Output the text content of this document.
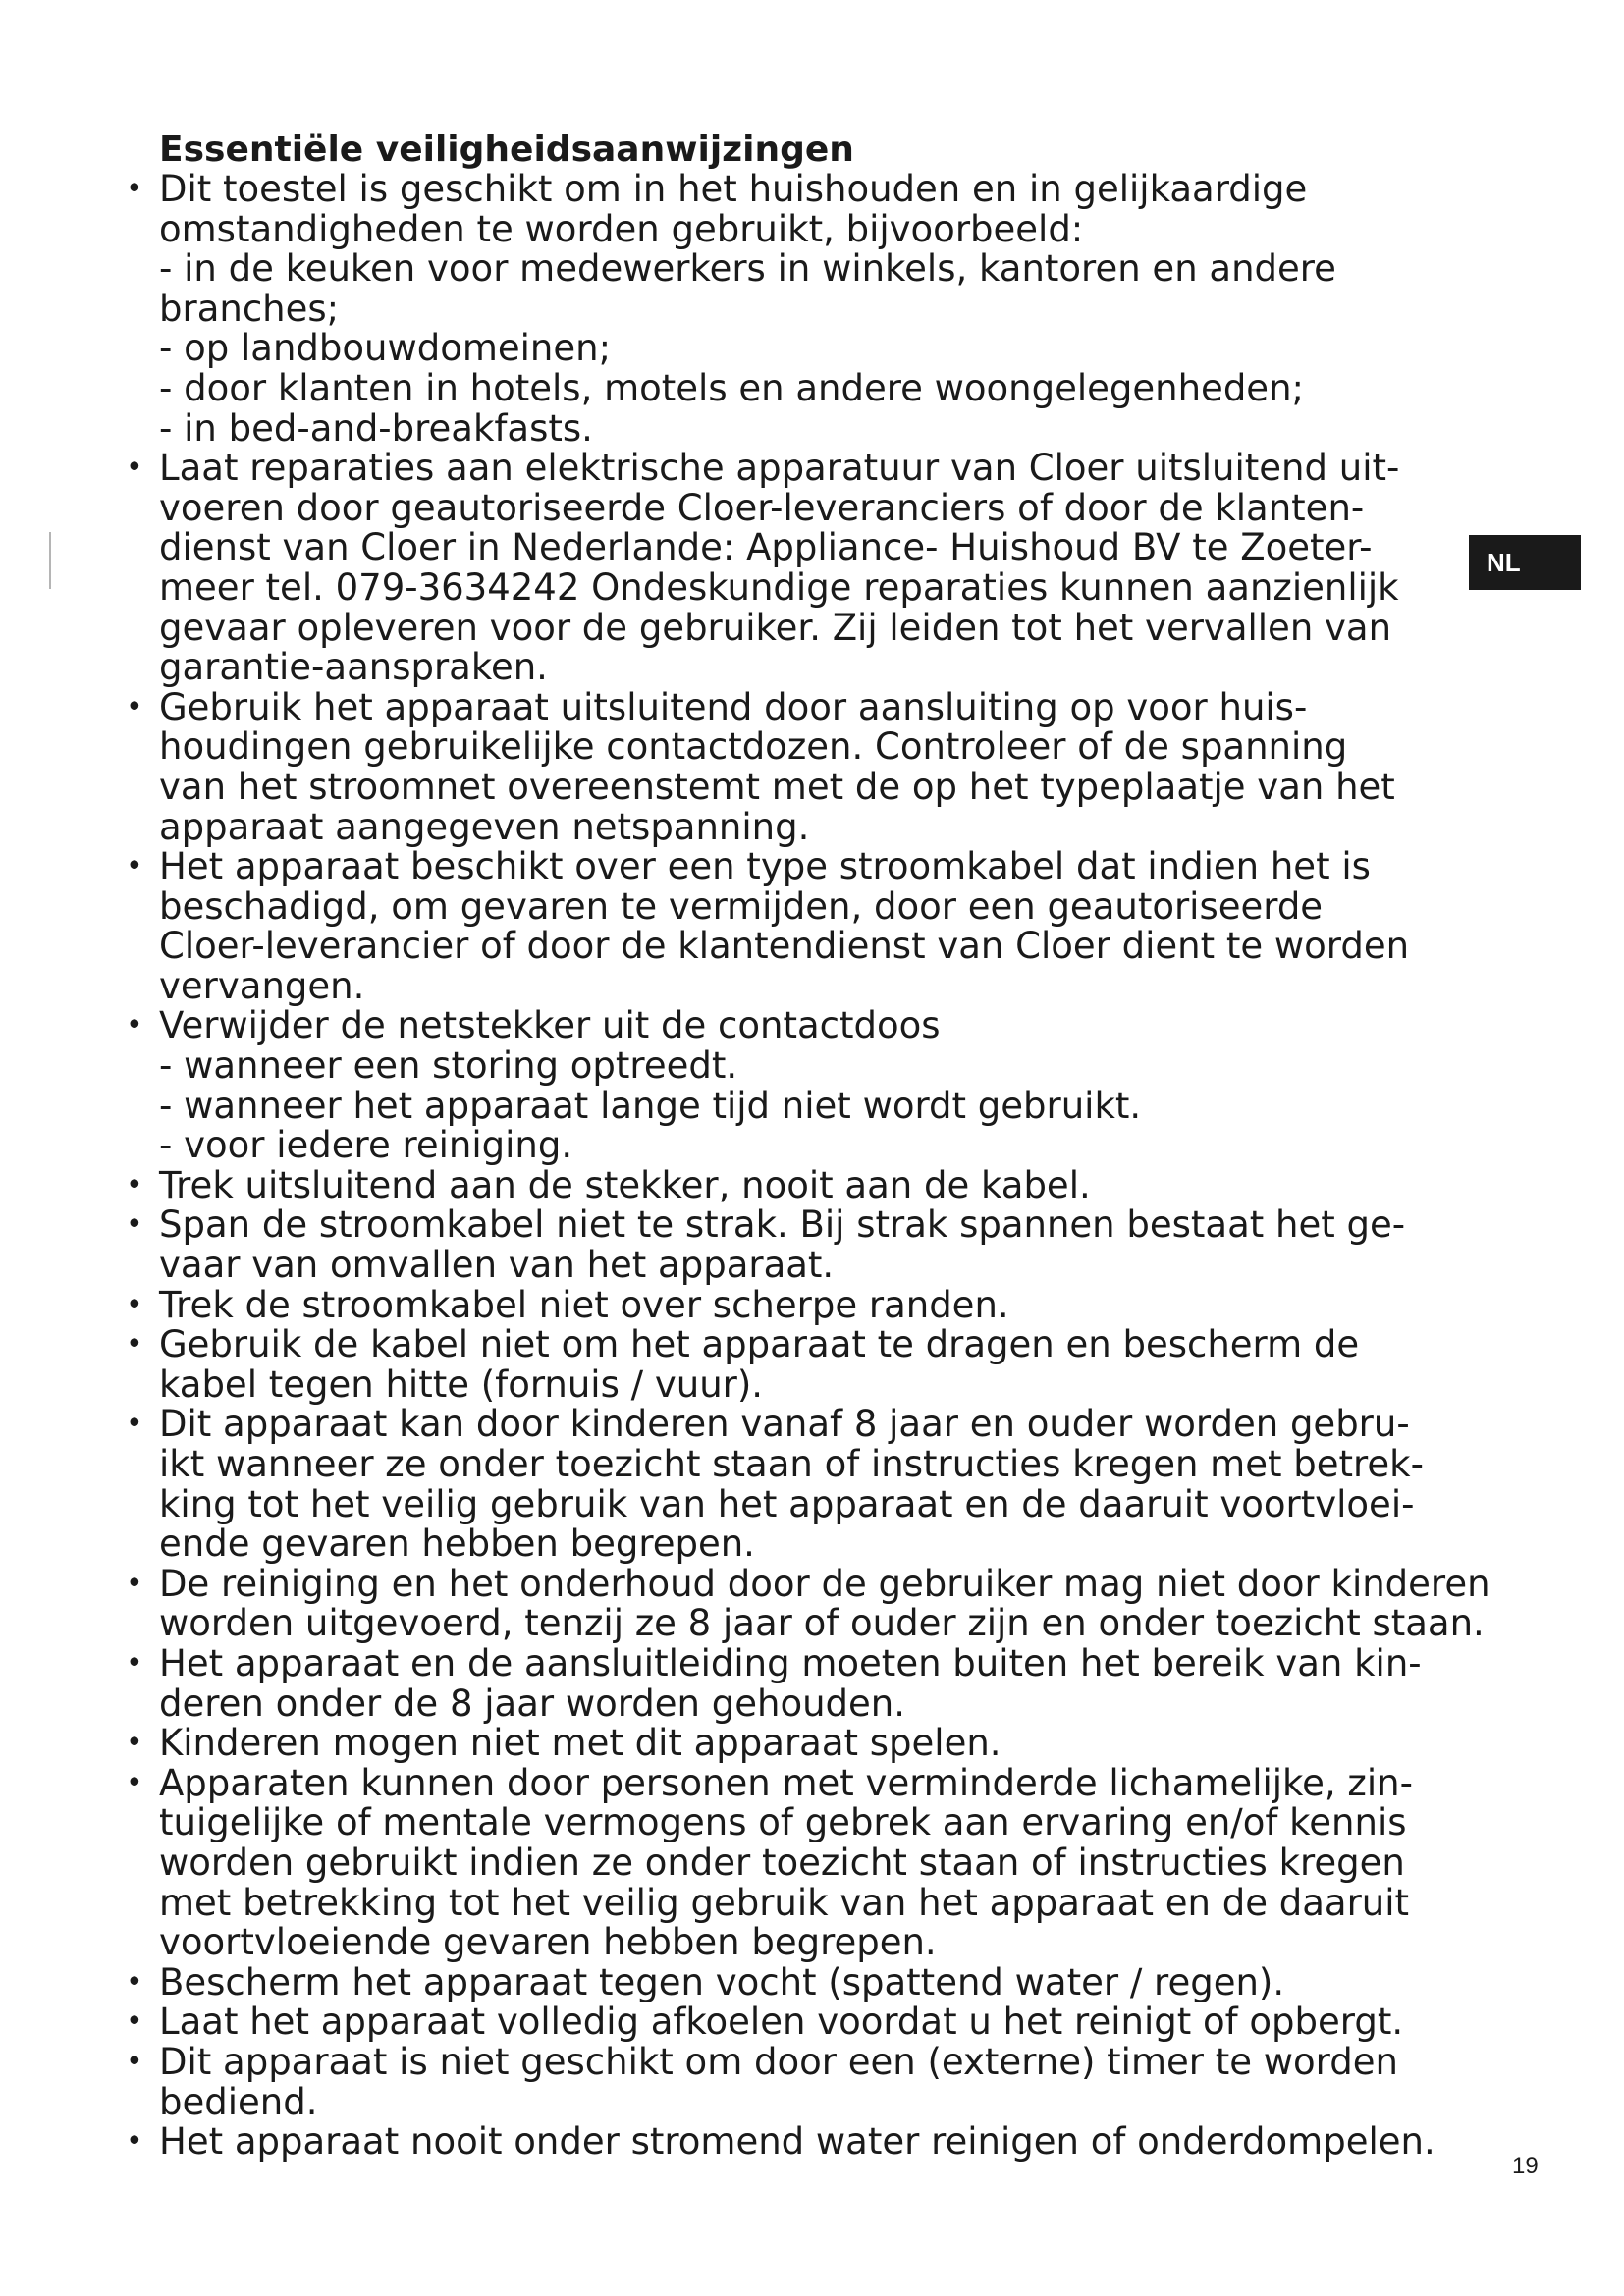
Essentiële veiligheidsaanwijzingen
• Dit toestel is geschikt om in het huishouden en in gelijkaardige
omstandigheden te worden gebruikt, bijvoorbeeld:
- in de keuken voor medewerkers in winkels, kantoren en andere
branches;
- op landbouwdomeinen;
- door klanten in hotels, motels en andere woongelegenheden;
- in bed-and-breakfasts.
• Laat reparaties aan elektrische apparatuur van Cloer uitsluitend uit-
voeren door geautoriseerde Cloer-leveranciers of door de klanten-
dienst van Cloer in Nederlande: Appliance- Huishoud BV te Zoeter-
meer tel. 079-3634242 Ondeskundige reparaties kunnen aanzienlijk
gevaar opleveren voor de gebruiker. Zij leiden tot het vervallen van
garantie-aanspraken.
• Gebruik het apparaat uitsluitend door aansluiting op voor huis-
houdingen gebruikelijke contactdozen. Controleer of de spanning
van het stroomnet overeenstemt met de op het typeplaatje van het
apparaat aangegeven netspanning.
• Het apparaat beschikt over een type stroomkabel dat indien het is
beschadigd, om gevaren te vermijden, door een geautoriseerde
Cloer-leverancier of door de klantendienst van Cloer dient te worden
vervangen.
• Verwijder de netstekker uit de contactdoos
- wanneer een storing optreedt.
- wanneer het apparaat lange tijd niet wordt gebruikt.
- voor iedere reiniging.
• Trek uitsluitend aan de stekker, nooit aan de kabel.
• Span de stroomkabel niet te strak. Bij strak spannen bestaat het ge-
vaar van omvallen van het apparaat.
• Trek de stroomkabel niet over scherpe randen.
• Gebruik de kabel niet om het apparaat te dragen en bescherm de
kabel tegen hitte (fornuis / vuur).
• Dit apparaat kan door kinderen vanaf 8 jaar en ouder worden gebru-
ikt wanneer ze onder toezicht staan of instructies kregen met betrek-
king tot het veilig gebruik van het apparaat en de daaruit voortvloei-
ende gevaren hebben begrepen.
• De reiniging en het onderhoud door de gebruiker mag niet door kinderen
worden uitgevoerd, tenzij ze 8 jaar of ouder zijn en onder toezicht staan.
• Het apparaat en de aansluitleiding moeten buiten het bereik van kin-
deren onder de 8 jaar worden gehouden.
• Kinderen mogen niet met dit apparaat spelen.
• Apparaten kunnen door personen met verminderde lichamelijke, zin-
tuigelijke of mentale vermogens of gebrek aan ervaring en/of kennis
worden gebruikt indien ze onder toezicht staan of instructies kregen
met betrekking tot het veilig gebruik van het apparaat en de daaruit
voortvloeiende gevaren hebben begrepen.
• Bescherm het apparaat tegen vocht (spattend water / regen).
• Laat het apparaat volledig afkoelen voordat u het reinigt of opbergt.
• Dit apparaat is niet geschikt om door een (externe) timer te worden
bediend.
• Het apparaat nooit onder stromend water reinigen of onderdompelen.
NL
19
